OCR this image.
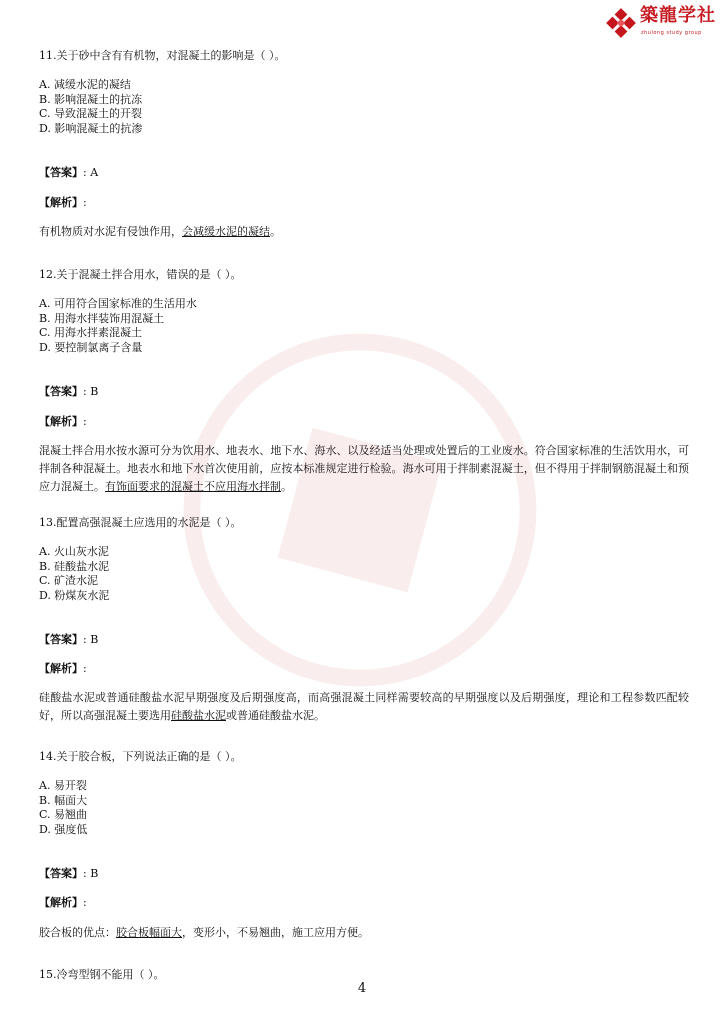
築龍学社
zhulong study group
11.关于砂中含有有机物，对混凝土的影响是（ ）。
A. 减缓水泥的凝结
B. 影响混凝土的抗冻
C. 导致混凝土的开裂
D. 影响混凝土的抗渗
【答案】: A
【解析】:
有机物质对水泥有侵蚀作用，会减缓水泥的凝结。
12.关于混凝土拌合用水，错误的是（ ）。
A. 可用符合国家标准的生活用水
B. 用海水拌装饰用混凝土
C. 用海水拌素混凝土
D. 要控制氯离子含量
【答案】: B
【解析】:
混凝土拌合用水按水源可分为饮用水、地表水、地下水、海水、以及经适当处理或处置后的工业废水。符合国家标准的生活饮用水，可拌制各种混凝土。地表水和地下水首次使用前，应按本标准规定进行检验。海水可用于拌制素混凝土，但不得用于拌制钢筋混凝土和预应力混凝土。有饰面要求的混凝土不应用海水拌制。
13.配置高强混凝土应选用的水泥是（ ）。
A. 火山灰水泥
B. 硅酸盐水泥
C. 矿渣水泥
D. 粉煤灰水泥
【答案】: B
【解析】:
硅酸盐水泥或普通硅酸盐水泥早期强度及后期强度高，而高强混凝土同样需要较高的早期强度以及后期强度，理论和工程参数匹配较好，所以高强混凝土要选用硅酸盐水泥或普通硅酸盐水泥。
14.关于胶合板，下列说法正确的是（ ）。
A. 易开裂
B. 幅面大
C. 易翘曲
D. 强度低
【答案】: B
【解析】:
胶合板的优点：胶合板幅面大，变形小，不易翘曲，施工应用方便。
15.冷弯型钢不能用（ ）。
4
